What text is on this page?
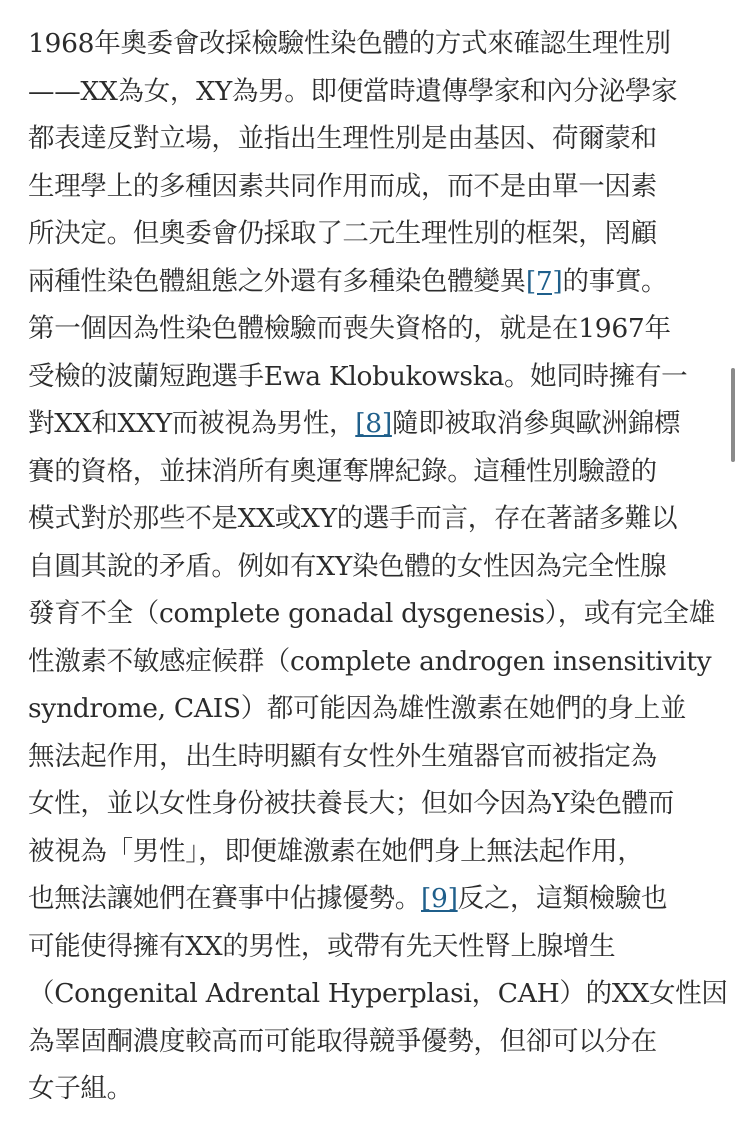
1968年奧委會改採檢驗性染色體的方式來確認生理性別
——XX為女，XY為男。即便當時遺傳學家和內分泌學家
都表達反對立場，並指出生理性別是由基因、荷爾蒙和
生理學上的多種因素共同作用而成，而不是由單一因素
所決定。但奧委會仍採取了二元生理性別的框架，罔顧
兩種性染色體組態之外還有多種染色體變異[7]的事實。
第一個因為性染色體檢驗而喪失資格的，就是在1967年
受檢的波蘭短跑選手Ewa Klobukowska。她同時擁有一
對XX和XXY而被視為男性，[8]隨即被取消參與歐洲錦標
賽的資格，並抹消所有奧運奪牌紀錄。這種性別驗證的
模式對於那些不是XX或XY的選手而言，存在著諸多難以
自圓其說的矛盾。例如有XY染色體的女性因為完全性腺
發育不全（complete gonadal dysgenesis），或有完全雄
性激素不敏感症候群（complete androgen insensitivity
syndrome, CAIS）都可能因為雄性激素在她們的身上並
無法起作用，出生時明顯有女性外生殖器官而被指定為
女性，並以女性身份被扶養長大；但如今因為Y染色體而
被視為「男性」，即便雄激素在她們身上無法起作用，
也無法讓她們在賽事中佔據優勢。[9]反之，這類檢驗也
可能使得擁有XX的男性，或帶有先天性腎上腺增生
（Congenital Adrental Hyperplasi，CAH）的XX女性因
為睪固酮濃度較高而可能取得競爭優勢，但卻可以分在
女子組。
